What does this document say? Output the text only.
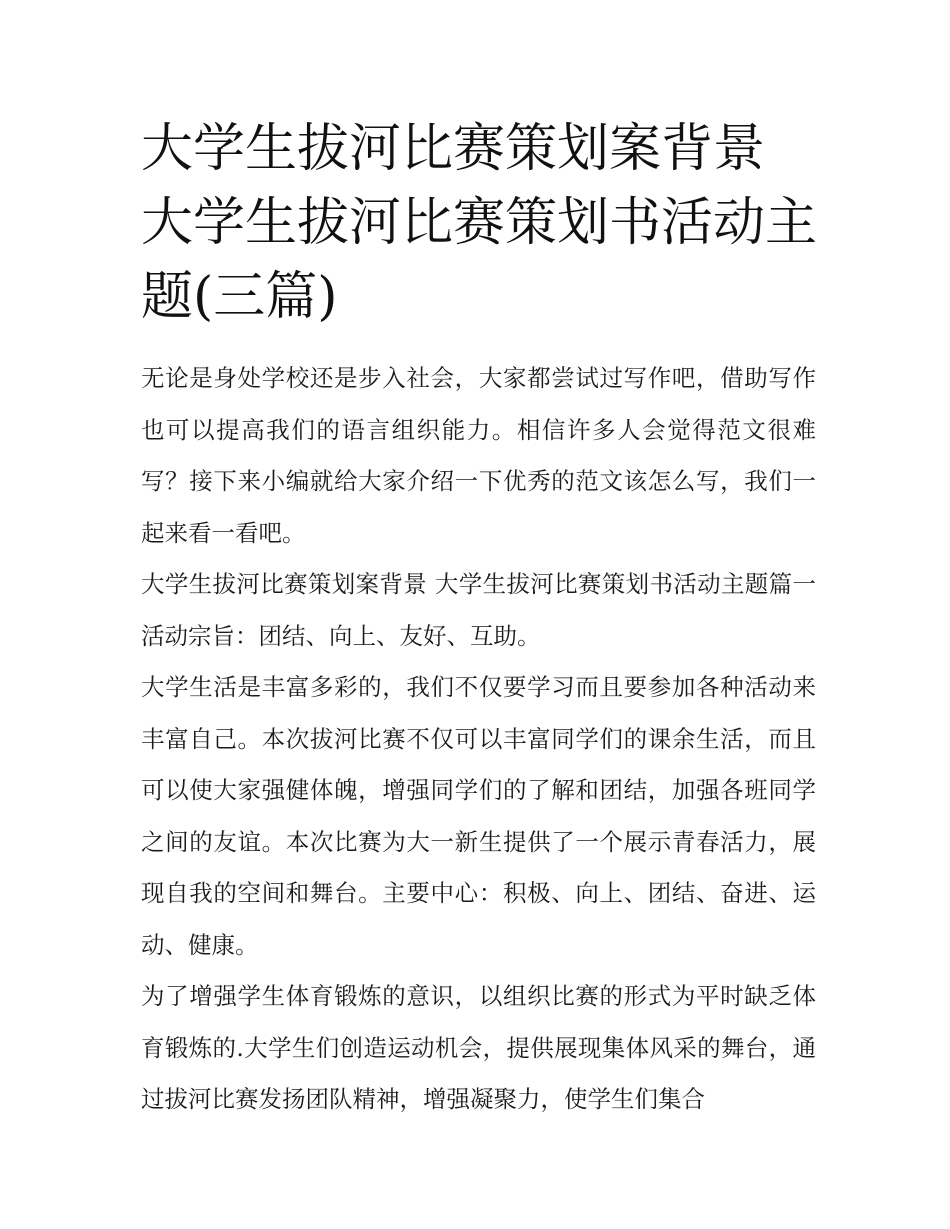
大学生拔河比赛策划案背景 大学生拔河比赛策划书活动主题(三篇)

无论是身处学校还是步入社会，大家都尝试过写作吧，借助写作也可以提高我们的语言组织能力。相信许多人会觉得范文很难写？接下来小编就给大家介绍一下优秀的范文该怎么写，我们一起来看一看吧。

大学生拔河比赛策划案背景 大学生拔河比赛策划书活动主题篇一 活动宗旨：团结、向上、友好、互助。

大学生活是丰富多彩的，我们不仅要学习而且要参加各种活动来丰富自己。本次拔河比赛不仅可以丰富同学们的课余生活，而且可以使大家强健体魄，增强同学们的了解和团结，加强各班同学之间的友谊。本次比赛为大一新生提供了一个展示青春活力，展现自我的空间和舞台。主要中心：积极、向上、团结、奋进、运动、健康。

为了增强学生体育锻炼的意识，以组织比赛的形式为平时缺乏体育锻炼的.大学生们创造运动机会，提供展现集体风采的舞台，通过拔河比赛发扬团队精神，增强凝聚力，使学生们集合
